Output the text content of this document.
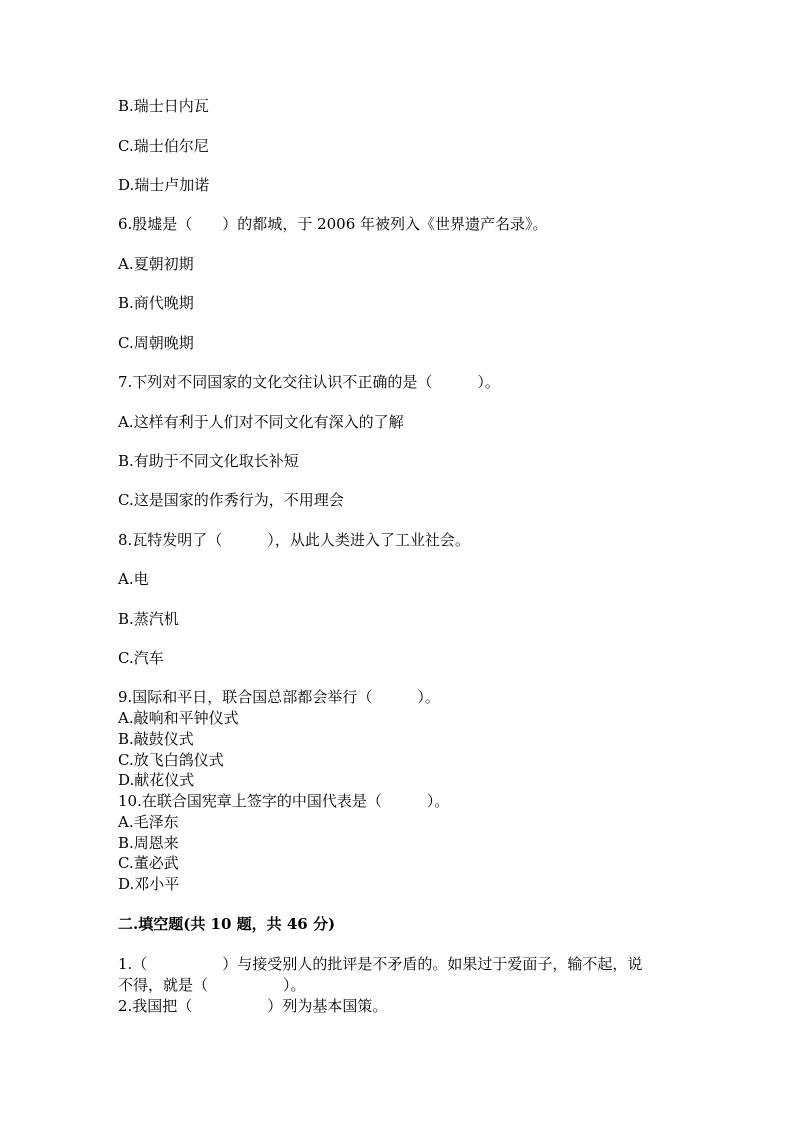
B.瑞士日内瓦
C.瑞士伯尔尼
D.瑞士卢加诺
6.殷墟是（　　）的都城，于 2006 年被列入《世界遗产名录》。
A.夏朝初期
B.商代晚期
C.周朝晚期
7.下列对不同国家的文化交往认识不正确的是（　　　）。
A.这样有利于人们对不同文化有深入的了解
B.有助于不同文化取长补短
C.这是国家的作秀行为，不用理会
8.瓦特发明了（　　　），从此人类进入了工业社会。
A.电
B.蒸汽机
C.汽车
9.国际和平日，联合国总部都会举行（　　　）。
A.敲响和平钟仪式
B.敲鼓仪式
C.放飞白鸽仪式
D.献花仪式
10.在联合国宪章上签字的中国代表是（　　　）。
A.毛泽东
B.周恩来
C.董必武
D.邓小平
二.填空题(共 10 题，共 46 分)
1.（　　　　　）与接受别人的批评是不矛盾的。如果过于爱面子，输不起，说
不得，就是（　　　　　）。
2.我国把（　　　　　）列为基本国策。
